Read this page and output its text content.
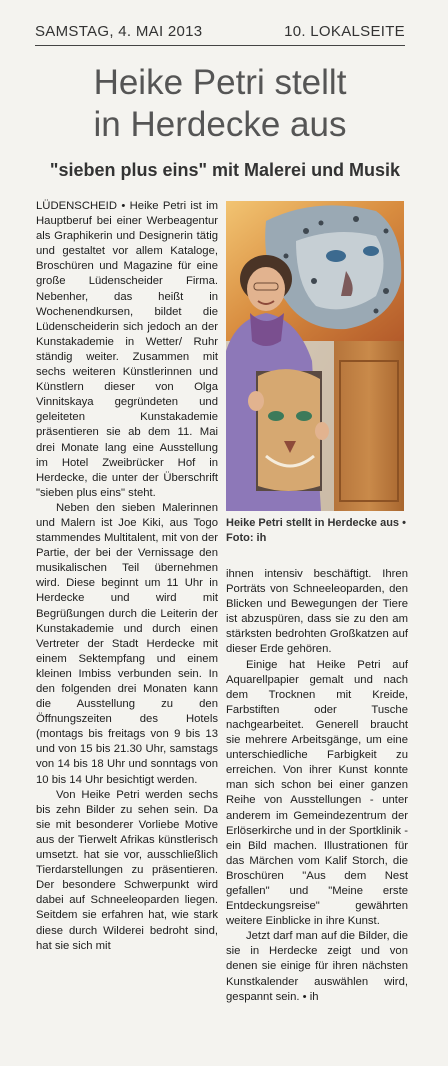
SAMSTAG, 4. MAI 2013	10. LOKALSEITE
Heike Petri stellt
in Herdecke aus
"sieben plus eins" mit Malerei und Musik

LÜDENSCHEID • Heike Petri ist im Hauptberuf bei einer Werbeagentur als Graphikerin und Designerin tätig und gestaltet vor allem Kataloge, Broschüren und Magazine für eine große Lüdenscheider Firma. Nebenher, das heißt in Wochenendkursen, bildet die Lüdenscheiderin sich jedoch an der Kunstakademie in Wetter/ Ruhr ständig weiter. Zusammen mit sechs weiteren Künstlerinnen und Künstlern dieser von Olga Vinnitskaya gegründeten und geleiteten Kunstakademie präsentieren sie ab dem 11. Mai drei Monate lang eine Ausstellung im Hotel Zweibrücker Hof in Herdecke, die unter der Überschrift "sieben plus eins" steht.

Neben den sieben Malerinnen und Malern ist Joe Kiki, aus Togo stammendes Multitalent, mit von der Partie, der bei der Vernissage den musikalischen Teil übernehmen wird. Diese beginnt um 11 Uhr in Herdecke und wird mit Begrüßungen durch die Leiterin der Kunstakademie und durch einen Vertreter der Stadt Herdecke mit einem Sektempfang und einem kleinen Imbiss verbunden sein. In den folgenden drei Monaten kann die Ausstellung zu den Öffnungszeiten des Hotels (montags bis freitags von 9 bis 13 und von 15 bis 21.30 Uhr, samstags von 14 bis 18 Uhr und sonntags von 10 bis 14 Uhr besichtigt werden.

Von Heike Petri werden sechs bis zehn Bilder zu sehen sein. Da sie mit besonderer Vorliebe Motive aus der Tierwelt Afrikas künstlerisch umsetzt. hat sie vor, ausschließlich Tierdarstellungen zu präsentieren. Der besondere Schwerpunkt wird dabei auf Schneeleoparden liegen. Seitdem sie erfahren hat, wie stark diese durch Wilderei bedroht sind, hat sie sich mit

Heike Petri stellt in Herdecke aus • Foto: ih

ihnen intensiv beschäftigt. Ihren Porträts von Schneeleoparden, den Blicken und Bewegungen der Tiere ist abzuspüren, dass sie zu den am stärksten bedrohten Großkatzen auf dieser Erde gehören.

Einige hat Heike Petri auf Aquarellpapier gemalt und nach dem Trocknen mit Kreide, Farbstiften oder Tusche nachgearbeitet. Generell braucht sie mehrere Arbeitsgänge, um eine unterschiedliche Farbigkeit zu erreichen. Von ihrer Kunst konnte man sich schon bei einer ganzen Reihe von Ausstellungen - unter anderem im Gemeindezentrum der Erlöserkirche und in der Sportklinik - ein Bild machen. Illustrationen für das Märchen vom Kalif Storch, die Broschüren "Aus dem Nest gefallen" und "Meine erste Entdeckungsreise" gewährten weitere Einblicke in ihre Kunst.

Jetzt darf man auf die Bilder, die sie in Herdecke zeigt und von denen sie einige für ihren nächsten Kunstkalender auswählen wird, gespannt sein. • ih
